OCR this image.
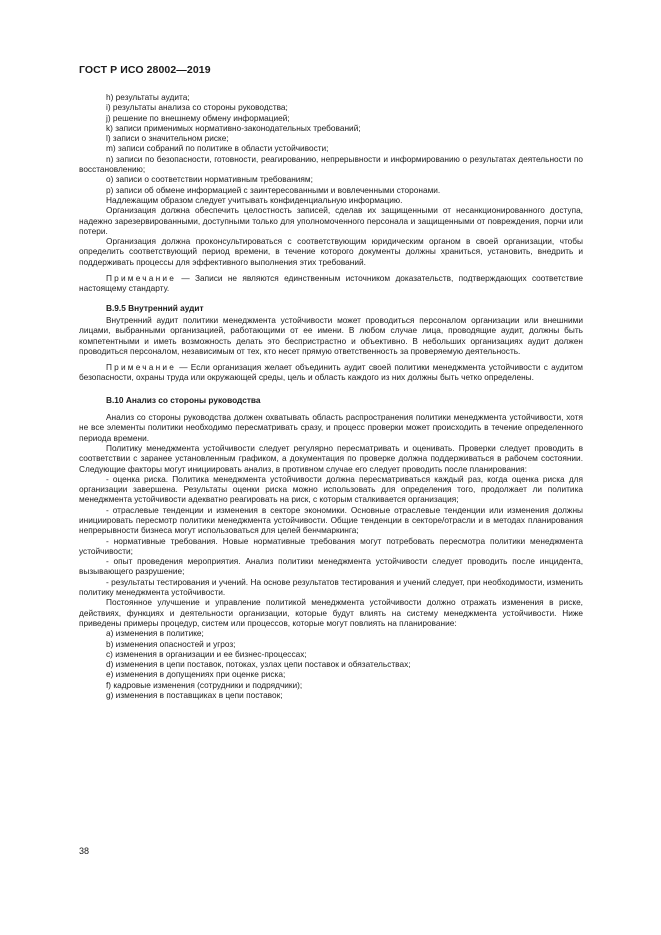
ГОСТ Р ИСО 28002—2019

h) результаты аудита;

i) результаты анализа со стороны руководства;

j) решение по внешнему обмену информацией;

k) записи применимых нормативно-законодательных требований;

l) записи о значительном риске;

m) записи собраний по политике в области устойчивости;

n) записи по безопасности, готовности, реагированию, непрерывности и информированию о результатах деятельности по восстановлению;

o) записи о соответствии нормативным требованиям;

p) записи об обмене информацией с заинтересованными и вовлеченными сторонами.

Надлежащим образом следует учитывать конфиденциальную информацию.

Организация должна обеспечить целостность записей, сделав их защищенными от несанкционированного доступа, надежно зарезервированными, доступными только для уполномоченного персонала и защищенными от повреждения, порчи или потери.

Организация должна проконсультироваться с соответствующим юридическим органом в своей организации, чтобы определить соответствующий период времени, в течение которого документы должны храниться, установить, внедрить и поддерживать процессы для эффективного выполнения этих требований.

Примечание — Записи не являются единственным источником доказательств, подтверждающих соответствие настоящему стандарту.

В.9.5 Внутренний аудит

Внутренний аудит политики менеджмента устойчивости может проводиться персоналом организации или внешними лицами, выбранными организацией, работающими от ее имени. В любом случае лица, проводящие аудит, должны быть компетентными и иметь возможность делать это беспристрастно и объективно. В небольших организациях аудит должен проводиться персоналом, независимым от тех, кто несет прямую ответственность за проверяемую деятельность.

Примечание — Если организация желает объединить аудит своей политики менеджмента устойчивости с аудитом безопасности, охраны труда или окружающей среды, цель и область каждого из них должны быть четко определены.

В.10 Анализ со стороны руководства

Анализ со стороны руководства должен охватывать область распространения политики менеджмента устойчивости, хотя не все элементы политики необходимо пересматривать сразу, и процесс проверки может происходить в течение определенного периода времени.

Политику менеджмента устойчивости следует регулярно пересматривать и оценивать. Проверки следует проводить в соответствии с заранее установленным графиком, а документация по проверке должна поддерживаться в рабочем состоянии. Следующие факторы могут инициировать анализ, в противном случае его следует проводить после планирования:

- оценка риска. Политика менеджмента устойчивости должна пересматриваться каждый раз, когда оценка риска для организации завершена. Результаты оценки риска можно использовать для определения того, продолжает ли политика менеджмента устойчивости адекватно реагировать на риск, с которым сталкивается организация;

- отраслевые тенденции и изменения в секторе экономики. Основные отраслевые тенденции или изменения должны инициировать пересмотр политики менеджмента устойчивости. Общие тенденции в секторе/отрасли и в методах планирования непрерывности бизнеса могут использоваться для целей бенчмаркинга;

- нормативные требования. Новые нормативные требования могут потребовать пересмотра политики менеджмента устойчивости;

- опыт проведения мероприятия. Анализ политики менеджмента устойчивости следует проводить после инцидента, вызывающего разрушение;

- результаты тестирования и учений. На основе результатов тестирования и учений следует, при необходимости, изменить политику менеджмента устойчивости.

Постоянное улучшение и управление политикой менеджмента устойчивости должно отражать изменения в риске, действиях, функциях и деятельности организации, которые будут влиять на систему менеджмента устойчивости. Ниже приведены примеры процедур, систем или процессов, которые могут повлиять на планирование:

a) изменения в политике;

b) изменения опасностей и угроз;

c) изменения в организации и ее бизнес-процессах;

d) изменения в цепи поставок, потоках, узлах цепи поставок и обязательствах;

e) изменения в допущениях при оценке риска;

f) кадровые изменения (сотрудники и подрядчики);

g) изменения в поставщиках в цепи поставок;

38
